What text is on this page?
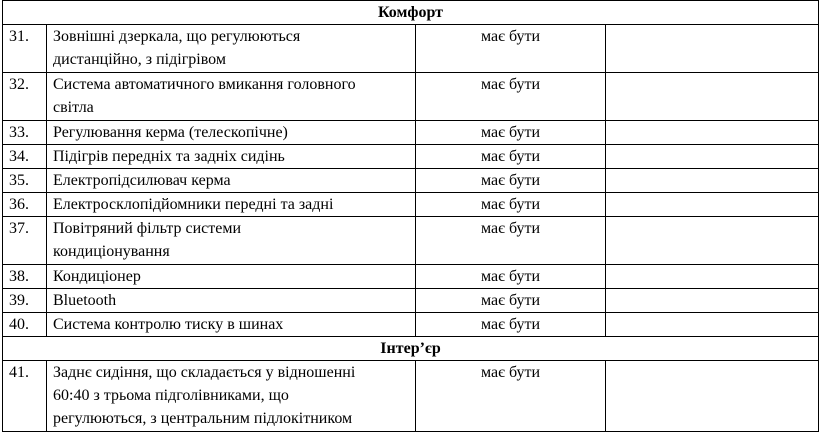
Комфорт			
31.	Зовнішні дзеркала, що регулюються
дистанційно, з підігрівом	має бути	
32.	Система автоматичного вмикання головного
світла	має бути	
33.	Регулювання керма (телескопічне)	має бути	
34.	Підігрів передніх та задніх сидінь	має бути	
35.	Електропідсилювач керма	має бути	
36.	Електросклопідйомники передні та задні	має бути	
37.	Повітряний фільтр системи
кондиціонування	має бути	
38.	Кондиціонер	має бути	
39.	Bluetooth	має бути	
40.	Система контролю тиску в шинах	має бути	
Інтер’єр			
41.	Заднє сидіння, що складається у відношенні
60:40 з трьома підголівниками, що
регулюються, з центральним підлокітником	має бути	
